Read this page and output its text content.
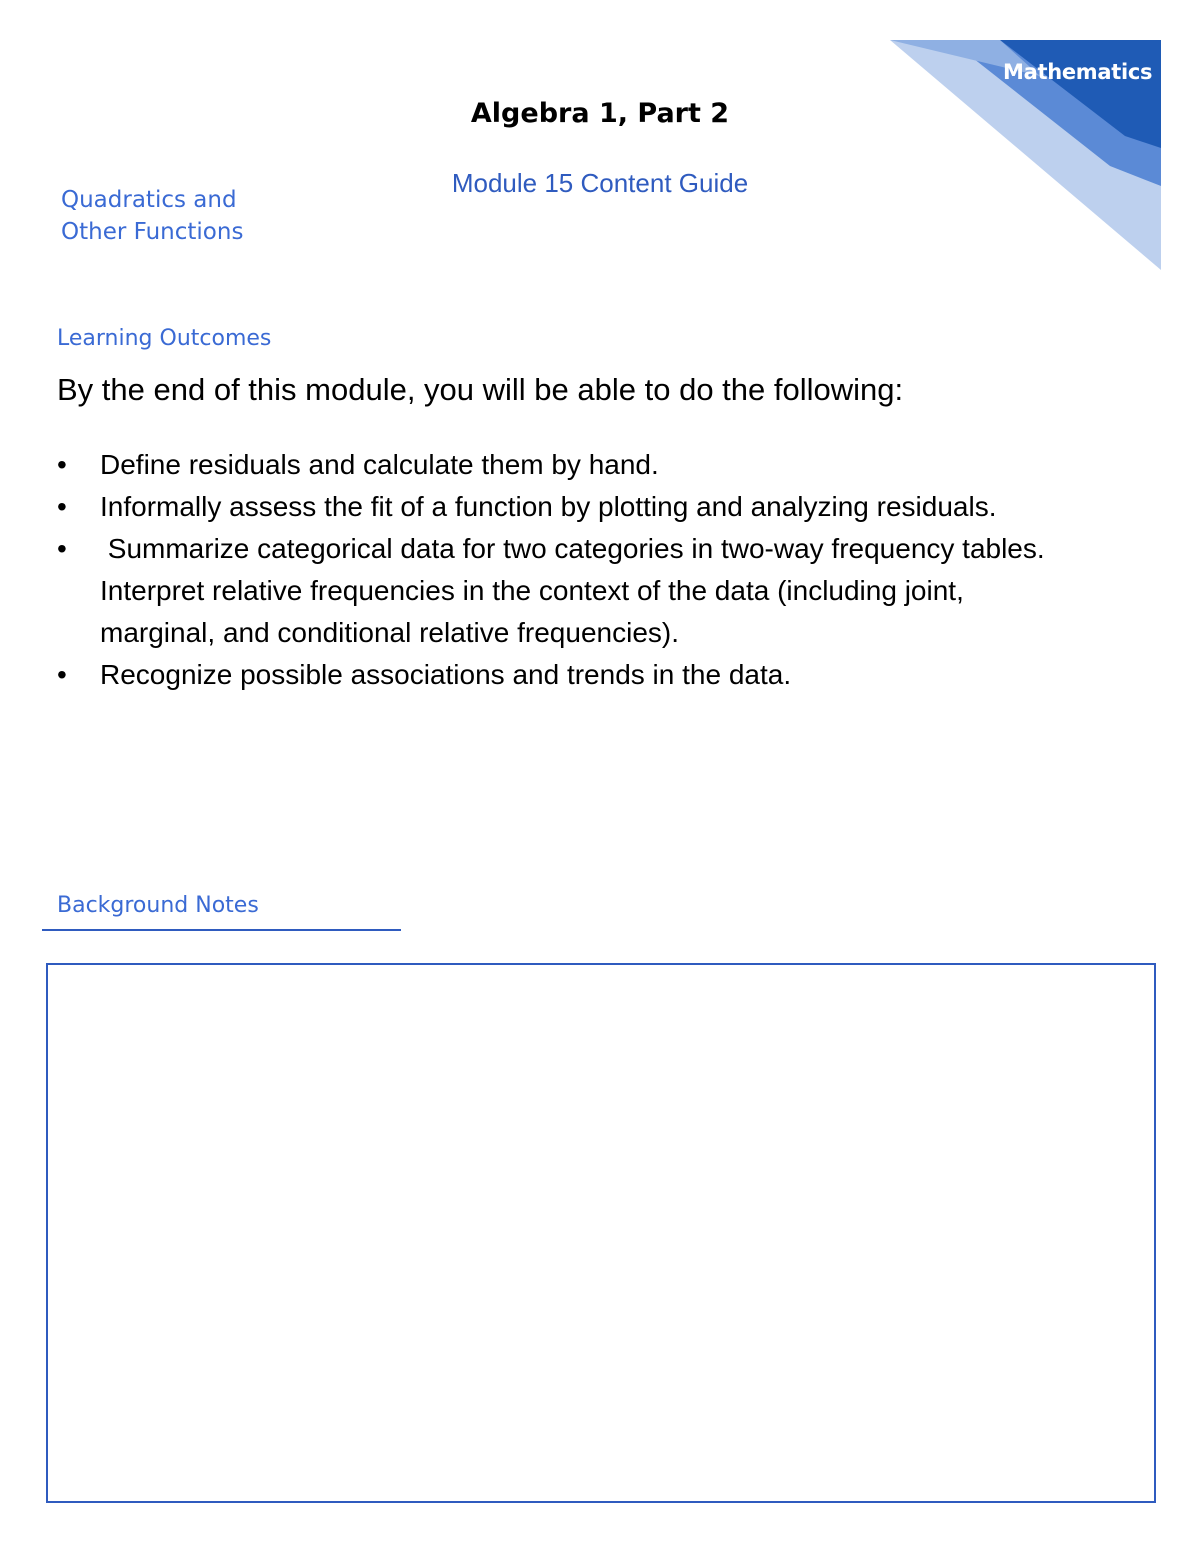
Mathematics
Algebra 1, Part 2
Module 15 Content Guide
Quadratics and
Other Functions
Learning Outcomes
By the end of this module, you will be able to do the following:
•	Define residuals and calculate them by hand.
•	Informally assess the fit of a function by plotting and analyzing residuals.
•	Summarize categorical data for two categories in two-way frequency tables. Interpret relative frequencies in the context of the data (including joint, marginal, and conditional relative frequencies).
•	Recognize possible associations and trends in the data.
Background Notes
